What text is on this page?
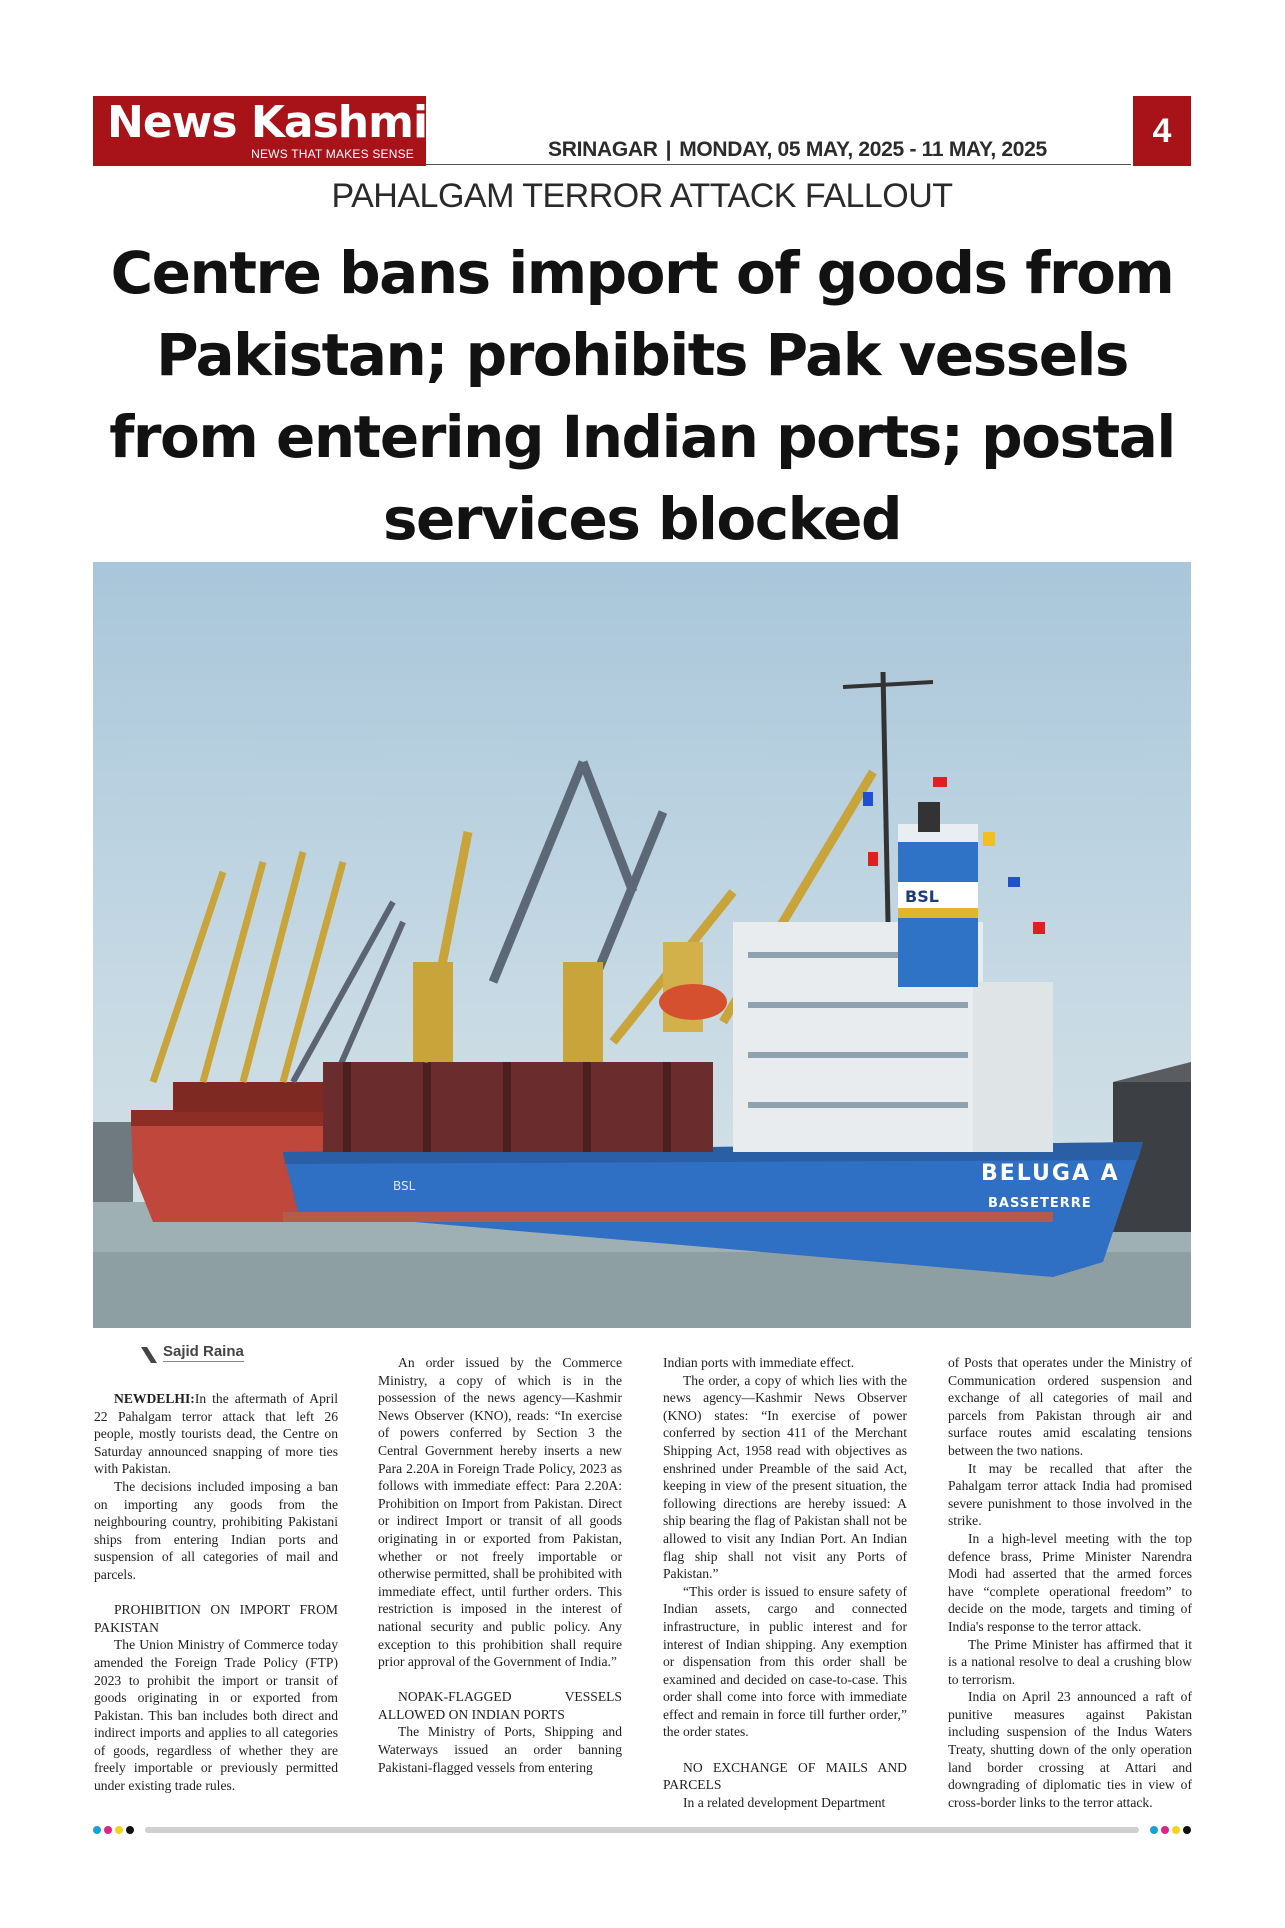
News Kashmir
NEWS THAT MAKES SENSE	SRINAGAR | MONDAY, 05 MAY, 2025 - 11 MAY, 2025	4
PAHALGAM TERROR ATTACK FALLOUT
Centre bans import of goods from Pakistan; prohibits Pak vessels from entering Indian ports; postal services blocked
BSL
BELUGA A
BASSETERRE
BSL
Sajid Raina

NEWDELHI:In the aftermath of April 22 Pahalgam terror attack that left 26 people, mostly tourists dead, the Centre on Saturday announced snapping of more ties with Pakistan.

The decisions included imposing a ban on importing any goods from the neighbouring country, prohibiting Pakistani ships from entering Indian ports and suspension of all categories of mail and parcels.

PROHIBITION ON IMPORT FROM PAKISTAN

The Union Ministry of Commerce today amended the Foreign Trade Policy (FTP) 2023 to prohibit the import or transit of goods originating in or exported from Pakistan. This ban includes both direct and indirect imports and applies to all categories of goods, regardless of whether they are freely importable or previously permitted under existing trade rules.

An order issued by the Commerce Ministry, a copy of which is in the possession of the news agency—Kashmir News Observer (KNO), reads: “In exercise of powers conferred by Section 3 the Central Government hereby inserts a new Para 2.20A in Foreign Trade Policy, 2023 as follows with immediate effect: Para 2.20A: Prohibition on Import from Pakistan. Direct or indirect Import or transit of all goods originating in or exported from Pakistan, whether or not freely importable or otherwise permitted, shall be prohibited with immediate effect, until further orders. This restriction is imposed in the interest of national security and public policy. Any exception to this prohibition shall require prior approval of the Government of India.”

NOPAK-FLAGGED VESSELS ALLOWED ON INDIAN PORTS

The Ministry of Ports, Shipping and Waterways issued an order banning Pakistani-flagged vessels from entering

Indian ports with immediate effect.

The order, a copy of which lies with the news agency—Kashmir News Observer (KNO) states: “In exercise of power conferred by section 411 of the Merchant Shipping Act, 1958 read with objectives as enshrined under Preamble of the said Act, keeping in view of the present situation, the following directions are hereby issued: A ship bearing the flag of Pakistan shall not be allowed to visit any Indian Port. An Indian flag ship shall not visit any Ports of Pakistan.”

“This order is issued to ensure safety of Indian assets, cargo and connected infrastructure, in public interest and for interest of Indian shipping. Any exemption or dispensation from this order shall be examined and decided on case-to-case. This order shall come into force with immediate effect and remain in force till further order,” the order states.

NO EXCHANGE OF MAILS AND PARCELS

In a related development Department

of Posts that operates under the Ministry of Communication ordered suspension and exchange of all categories of mail and parcels from Pakistan through air and surface routes amid escalating tensions between the two nations.

It may be recalled that after the Pahalgam terror attack India had promised severe punishment to those involved in the strike.

In a high-level meeting with the top defence brass, Prime Minister Narendra Modi had asserted that the armed forces have “complete operational freedom” to decide on the mode, targets and timing of India's response to the terror attack.

The Prime Minister has affirmed that it is a national resolve to deal a crushing blow to terrorism.

India on April 23 announced a raft of punitive measures against Pakistan including suspension of the Indus Waters Treaty, shutting down of the only operation land border crossing at Attari and downgrading of diplomatic ties in view of cross-border links to the terror attack.
